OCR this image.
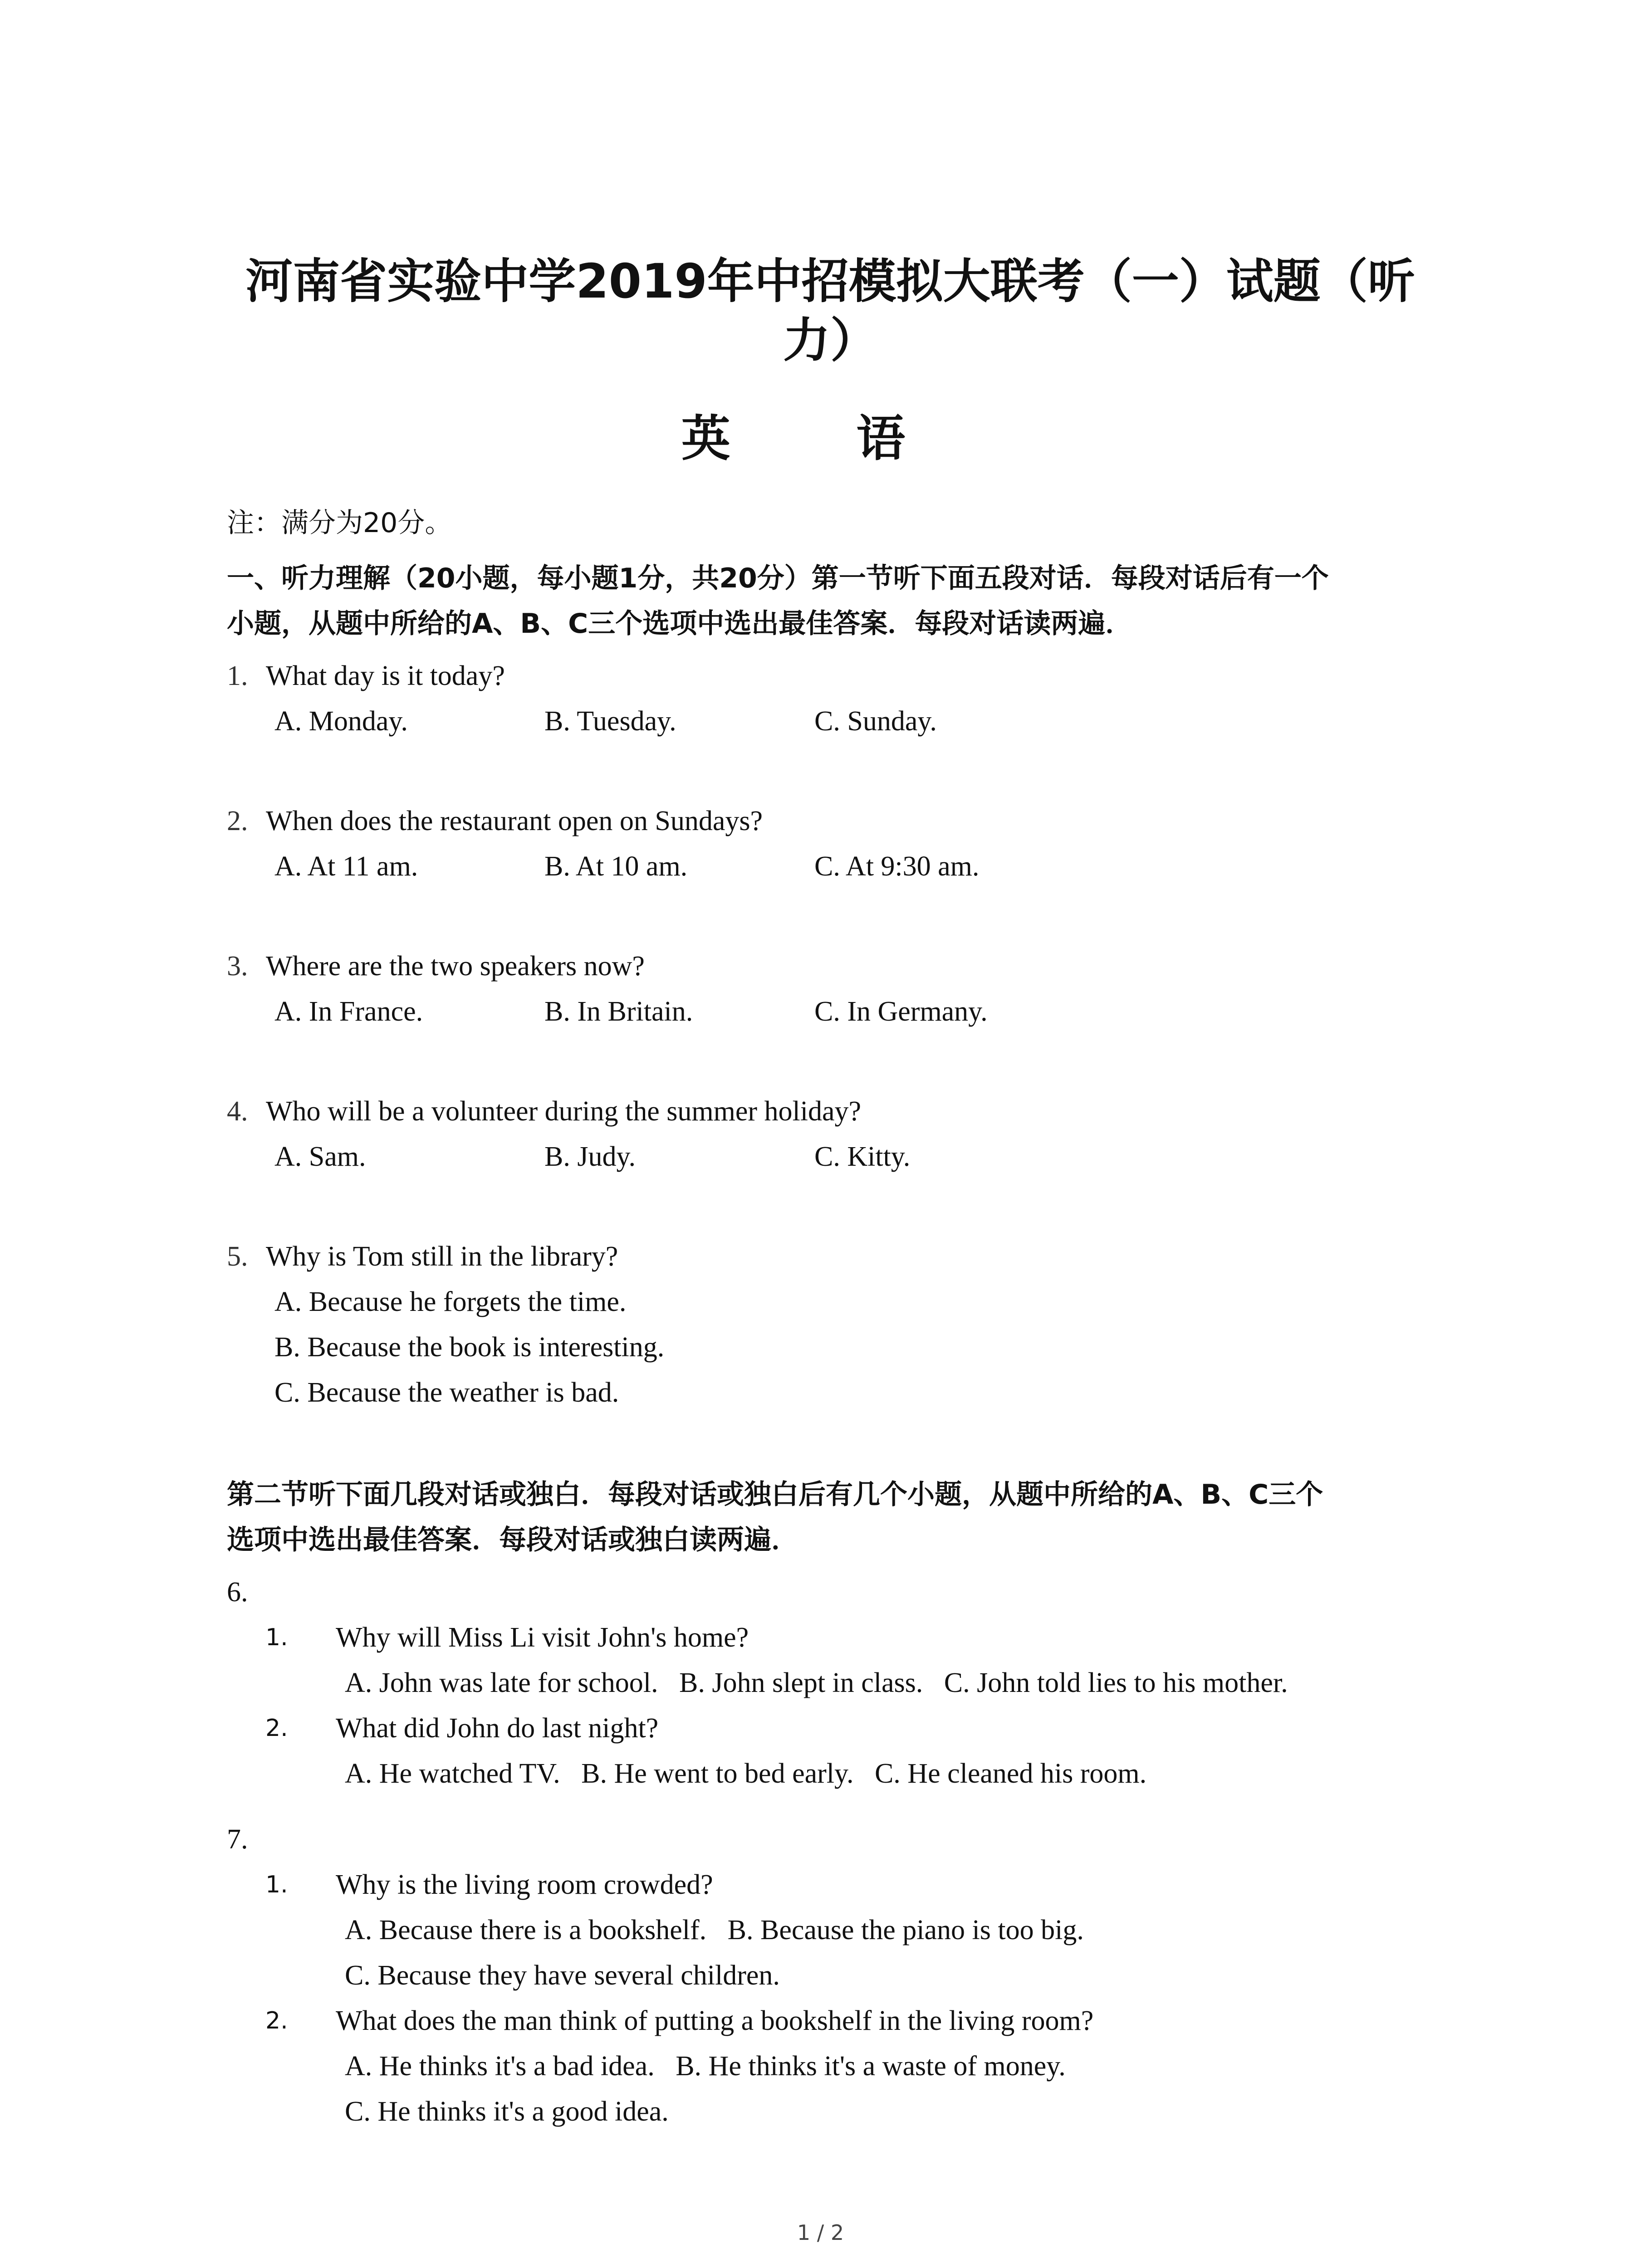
河南省实验中学2019年中招模拟大联考（一）试题（听
力）
英 语
注：满分为20分。
一、听力理解（20小题，每小题1分，共20分）第一节听下面五段对话．每段对话后有一个
小题，从题中所给的A、B、C三个选项中选出最佳答案．每段对话读两遍．
1. What day is it today?
A. Monday.	B. Tuesday.	C. Sunday.
2. When does the restaurant open on Sundays?
A. At 11 am.	B. At 10 am.	C. At 9:30 am.
3. Where are the two speakers now?
A. In France.	B. In Britain.	C. In Germany.
4. Who will be a volunteer during the summer holiday?
A. Sam.	B. Judy.	C. Kitty.
5. Why is Tom still in the library?
A. Because he forgets the time.
B. Because the book is interesting.
C. Because the weather is bad.
第二节听下面几段对话或独白．每段对话或独白后有几个小题，从题中所给的A、B、C三个
选项中选出最佳答案．每段对话或独白读两遍．
6.
1. Why will Miss Li visit John's home?
A. John was late for school.   B. John slept in class.   C. John told lies to his mother.
2. What did John do last night?
A. He watched TV.   B. He went to bed early.   C. He cleaned his room.
7.
1. Why is the living room crowded?
A. Because there is a bookshelf.   B. Because the piano is too big.
C. Because they have several children.
2. What does the man think of putting a bookshelf in the living room?
A. He thinks it's a bad idea.   B. He thinks it's a waste of money.
C. He thinks it's a good idea.
1 / 2
